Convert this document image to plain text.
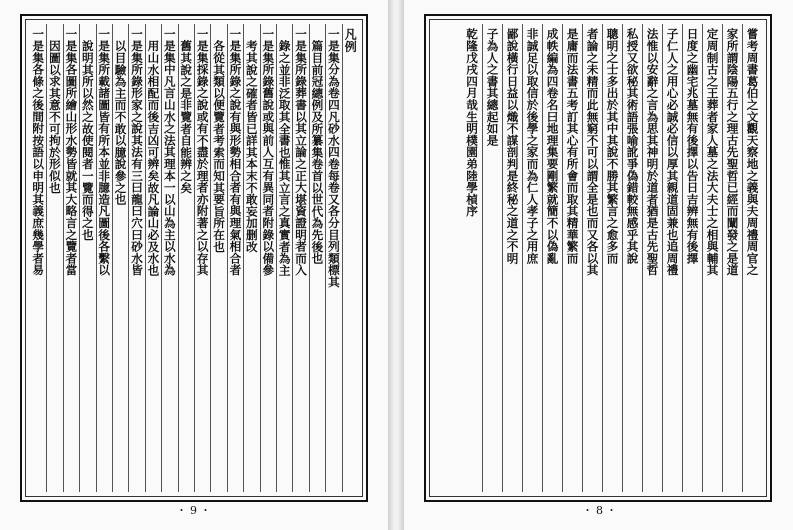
凡例
一是集分為卷四凡砂水四卷每卷又各分目列類標其
篇目前冠總例及所纂集卷首以世代為先後也
一是集所錄葬書以其立論之正大堪資證明者而入
錄之並非泛取其全書也惟其立言之真實者為主
一是集所錄舊說或與前人互有異同者附錄以備參
考其說之確者皆已詳其本末不敢妄加删改
一是集所錄之說有與形勢相合者有與理氣相合者
各從其類以便覽者考索而知其要旨所在也
一是集採錄之說或有不盡於理者亦附著之以存其
舊其說之是非覽者自能辨之矣
一是集中凡言山水之法其理本一以山為主以水為
用山水相配而後吉凶可辨矣故凡論山必及水也
一是集所錄形家之說其法有三曰龍曰穴曰砂水皆
以目驗為主而不敢以臆說參之也
一是集所載諸圖皆有所本並非臆造凡圖後各繫以
說明其所以然之故使閱者一覽而得之也
一是集各圖所繪山形水勢皆就其大略言之覽者當
因圖以求其意不可拘於形似也
一是集各條之後間附按語以申明其義庶幾學者易
・9・
嘗考周書葛伯之文觀天察地之義與夫周禮周官之
家所謂陰陽五行之理古先聖哲已經而闡發之是道
定周制古之王葬者家人墓之法大夫士之相與輔其
日度之幽宅兆墓無有後擇以告日吉辨無有後擇
子仁人之用心必誠必信以厚其親道固兼也追周禮
法惟以安辭之言為思其神明於道者猶是古先聖哲
私授又欲秘其術語張喻訛爭偽錯較無感乎其說
聰明之士多出於其中其說不勝其繁言之愈多而
者論之未精而此無窮不可以謂全是也而又各以其
是庸而法書五考訂其心有所會而取其精華繁而
成帙編為四卷名曰地理集要剛繁就簡不以偽亂
非誠足以取信於後學之家而為仁人孝子之用庶
鄙說橫行日益以熾不謀剖判是終秘之道之不明
子為人之書其總起如是
乾隆戊戌四月哉生明樸園弟陸學楨序
・8・
